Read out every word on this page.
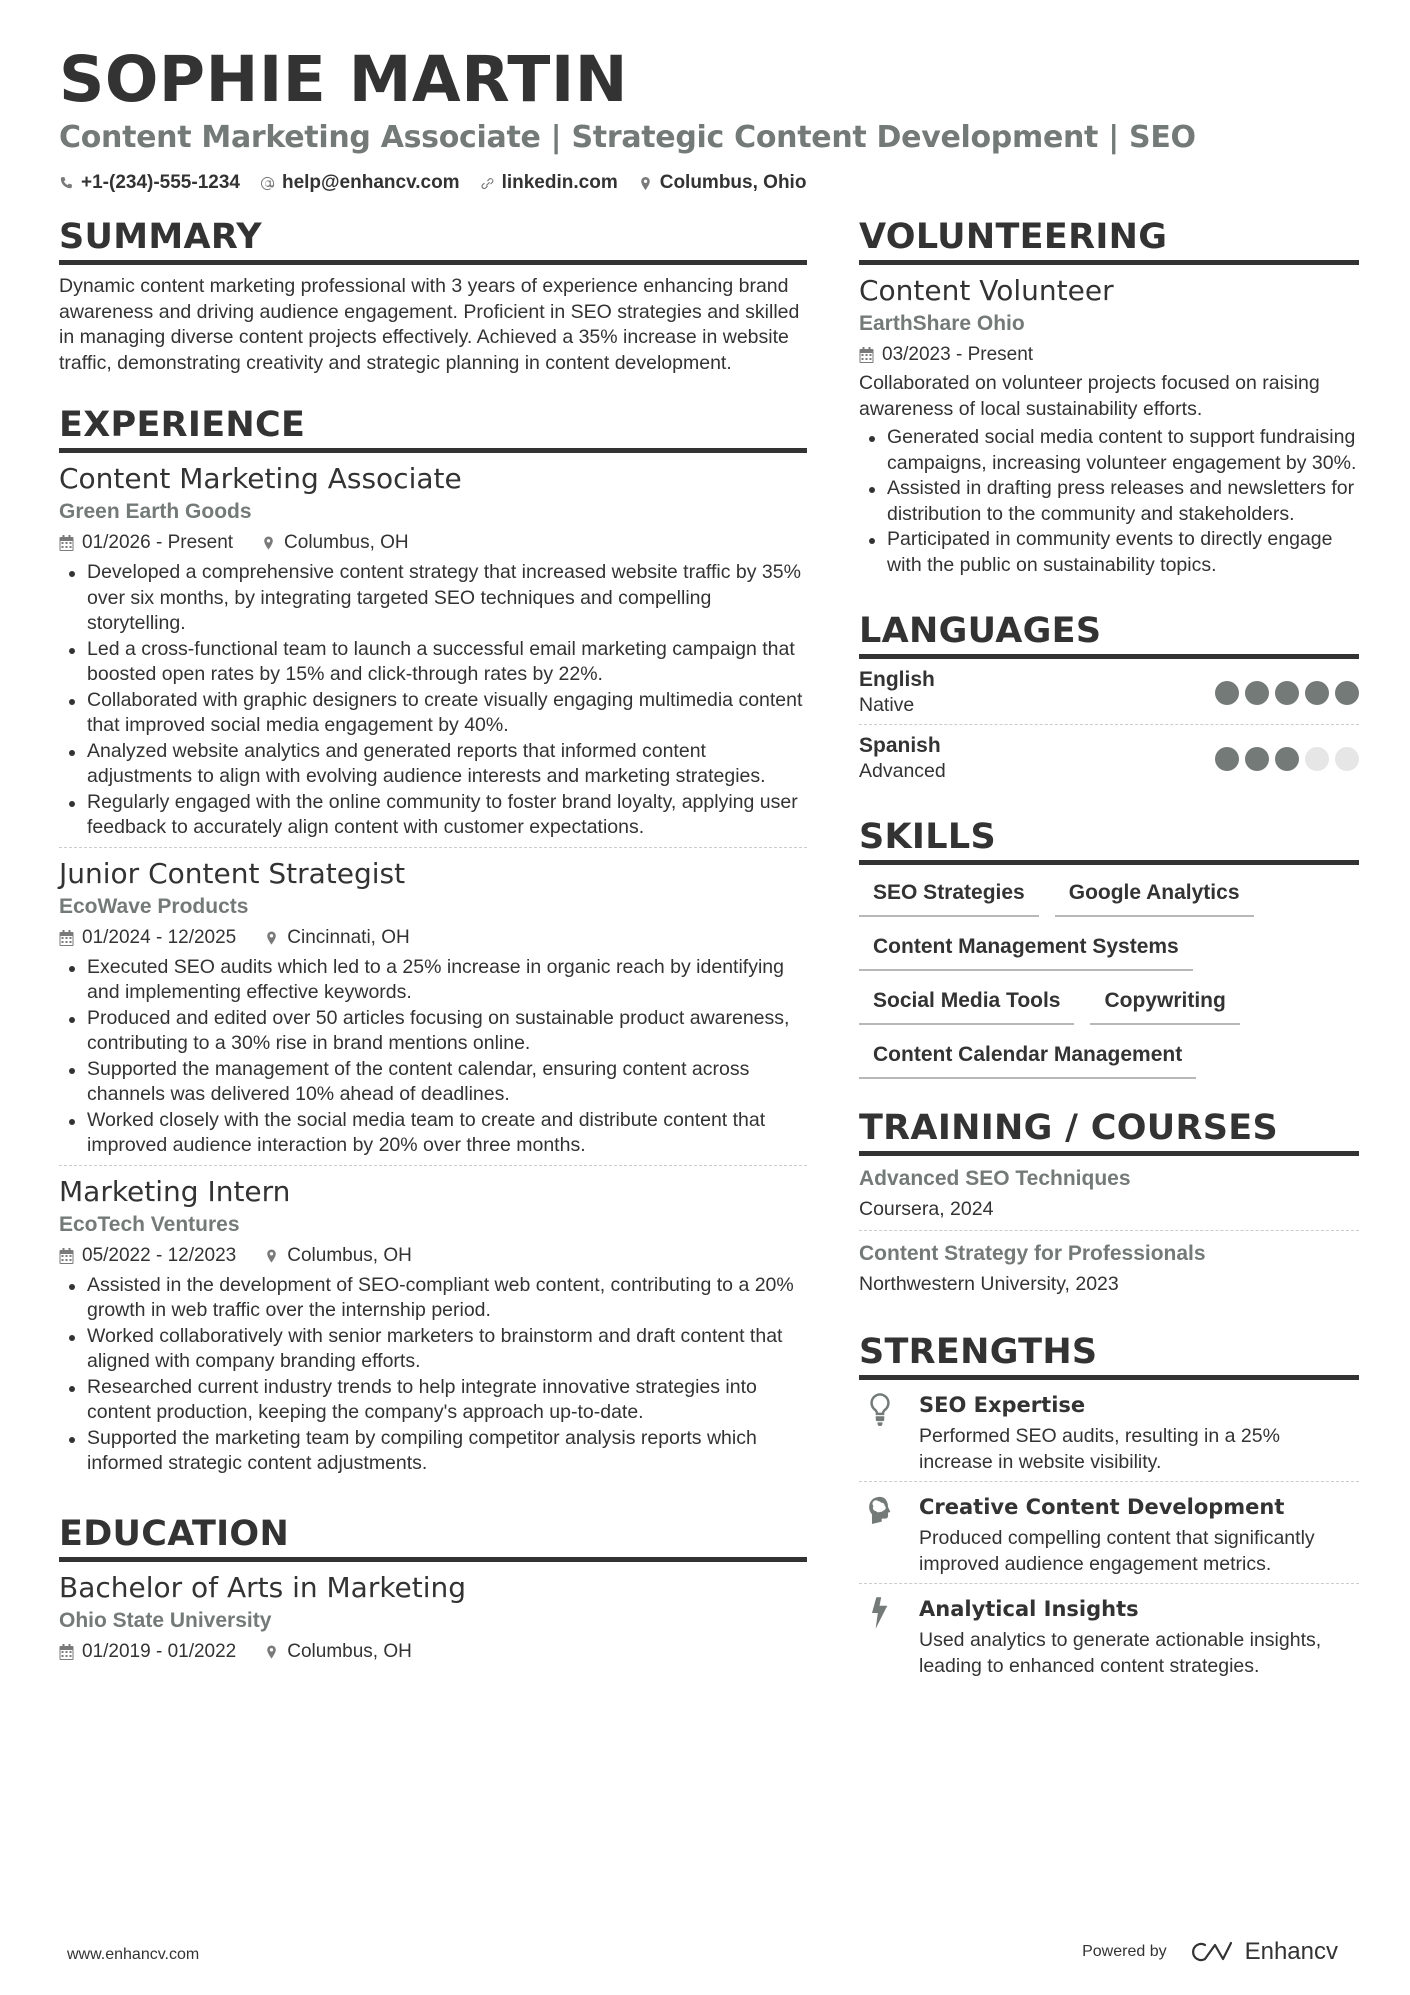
SOPHIE MARTIN
Content Marketing Associate | Strategic Content Development | SEO
+1-(234)-555-1234 help@enhancv.com linkedin.com Columbus, Ohio
SUMMARY
Dynamic content marketing professional with 3 years of experience enhancing brand awareness and driving audience engagement. Proficient in SEO strategies and skilled in managing diverse content projects effectively. Achieved a 35% increase in website traffic, demonstrating creativity and strategic planning in content development.
EXPERIENCE
Content Marketing Associate
Green Earth Goods
01/2026 - Present	Columbus, OH
Developed a comprehensive content strategy that increased website traffic by 35% over six months, by integrating targeted SEO techniques and compelling storytelling.
Led a cross-functional team to launch a successful email marketing campaign that boosted open rates by 15% and click-through rates by 22%.
Collaborated with graphic designers to create visually engaging multimedia content that improved social media engagement by 40%.
Analyzed website analytics and generated reports that informed content adjustments to align with evolving audience interests and marketing strategies.
Regularly engaged with the online community to foster brand loyalty, applying user feedback to accurately align content with customer expectations.
Junior Content Strategist
EcoWave Products
01/2024 - 12/2025	Cincinnati, OH
Executed SEO audits which led to a 25% increase in organic reach by identifying and implementing effective keywords.
Produced and edited over 50 articles focusing on sustainable product awareness, contributing to a 30% rise in brand mentions online.
Supported the management of the content calendar, ensuring content across channels was delivered 10% ahead of deadlines.
Worked closely with the social media team to create and distribute content that improved audience interaction by 20% over three months.
Marketing Intern
EcoTech Ventures
05/2022 - 12/2023	Columbus, OH
Assisted in the development of SEO-compliant web content, contributing to a 20% growth in web traffic over the internship period.
Worked collaboratively with senior marketers to brainstorm and draft content that aligned with company branding efforts.
Researched current industry trends to help integrate innovative strategies into content production, keeping the company's approach up-to-date.
Supported the marketing team by compiling competitor analysis reports which informed strategic content adjustments.
EDUCATION
Bachelor of Arts in Marketing
Ohio State University
01/2019 - 01/2022	Columbus, OH
VOLUNTEERING
Content Volunteer
EarthShare Ohio
03/2023 - Present
Collaborated on volunteer projects focused on raising awareness of local sustainability efforts.
Generated social media content to support fundraising campaigns, increasing volunteer engagement by 30%.
Assisted in drafting press releases and newsletters for distribution to the community and stakeholders.
Participated in community events to directly engage with the public on sustainability topics.
LANGUAGES
English
Native
Spanish
Advanced
SKILLS
SEO Strategies	Google Analytics
Content Management Systems
Social Media Tools	Copywriting
Content Calendar Management
TRAINING / COURSES
Advanced SEO Techniques
Coursera, 2024
Content Strategy for Professionals
Northwestern University, 2023
STRENGTHS
SEO Expertise
Performed SEO audits, resulting in a 25% increase in website visibility.
Creative Content Development
Produced compelling content that significantly improved audience engagement metrics.
Analytical Insights
Used analytics to generate actionable insights, leading to enhanced content strategies.
www.enhancv.com	Powered by	Enhancv
